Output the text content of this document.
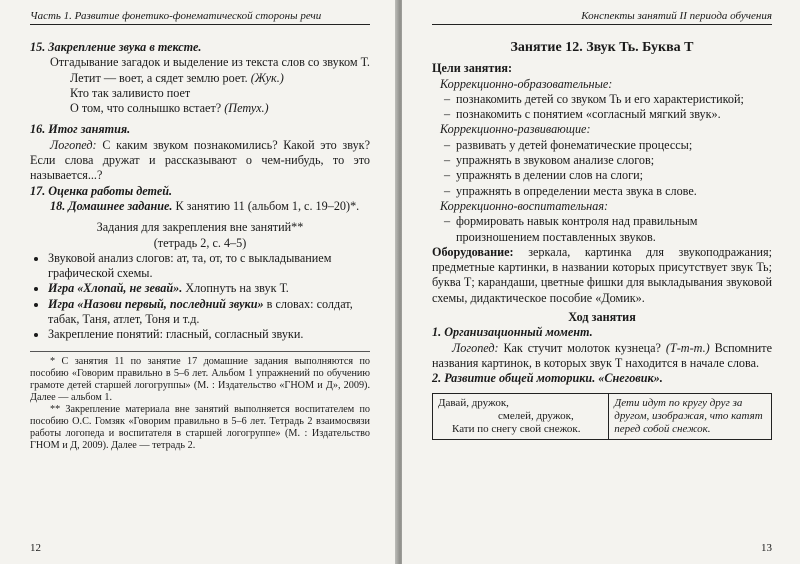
Часть 1. Развитие фонетико-фонематической стороны речи

15. Закрепление звука в тексте.

Отгадывание загадок и выделение из текста слов со звуком Т.

Летит — воет, а сядет землю роет. (Жук.)
Кто так заливисто поет
О том, что солнышко встает? (Петух.)

16. Итог занятия.

Логопед: С каким звуком познакомились? Какой это звук? Если слова дружат и рассказывают о чем-нибудь, то это называется...?

17. Оценка работы детей.

18. Домашнее задание. К занятию 11 (альбом 1, с. 19–20)*.

Задания для закрепления вне занятий**

(тетрадь 2, с. 4–5)

• Звуковой анализ слогов: ат, та, от, то с выкладыванием графической схемы.
• Игра «Хлопай, не зевай». Хлопнуть на звук Т.
• Игра «Назови первый, последний звуки» в словах: солдат, табак, Таня, атлет, Тоня и т.д.
• Закрепление понятий: гласный, согласный звуки.

* С занятия 11 по занятие 17 домашние задания выполняются по пособию «Говорим правильно в 5–6 лет. Альбом 1 упражнений по обучению грамоте детей старшей логогруппы» (М. : Издательство «ГНОМ и Д», 2009). Далее — альбом 1.

** Закрепление материала вне занятий выполняется воспитателем по пособию О.С. Гомзяк «Говорим правильно в 5–6 лет. Тетрадь 2 взаимосвязи работы логопеда и воспитателя в старшей логогруппе» (М. : Издательство ГНОМ и Д, 2009). Далее — тетрадь 2.

12
Конспекты занятий II периода обучения

Занятие 12. Звук Ть. Буква Т

Цели занятия:

Коррекционно-образовательные:

– познакомить детей со звуком Ть и его характеристикой;
– познакомить с понятием «согласный мягкий звук».

Коррекционно-развивающие:

– развивать у детей фонематические процессы;
– упражнять в звуковом анализе слогов;
– упражнять в делении слов на слоги;
– упражнять в определении места звука в слове.

Коррекционно-воспитательная:

– формировать навык контроля над правильным произношением поставленных звуков.

Оборудование: зеркала, картинка для звукоподражания; предметные картинки, в названии которых присутствует звук Ть; буква Т; карандаши, цветные фишки для выкладывания звуковой схемы, дидактическое пособие «Домик».

Ход занятия

1. Организационный момент.

Логопед: Как стучит молоток кузнеца? (Т-т-т.) Вспомните названия картинок, в которых звук Т находится в начале слова.

2. Развитие общей моторики. «Снеговик».

Давай, дружок,
смелей, дружок,
Кати по снегу свой снежок.
	Дети идут по кругу друг за другом, изображая, что катят перед собой снежок.
13
